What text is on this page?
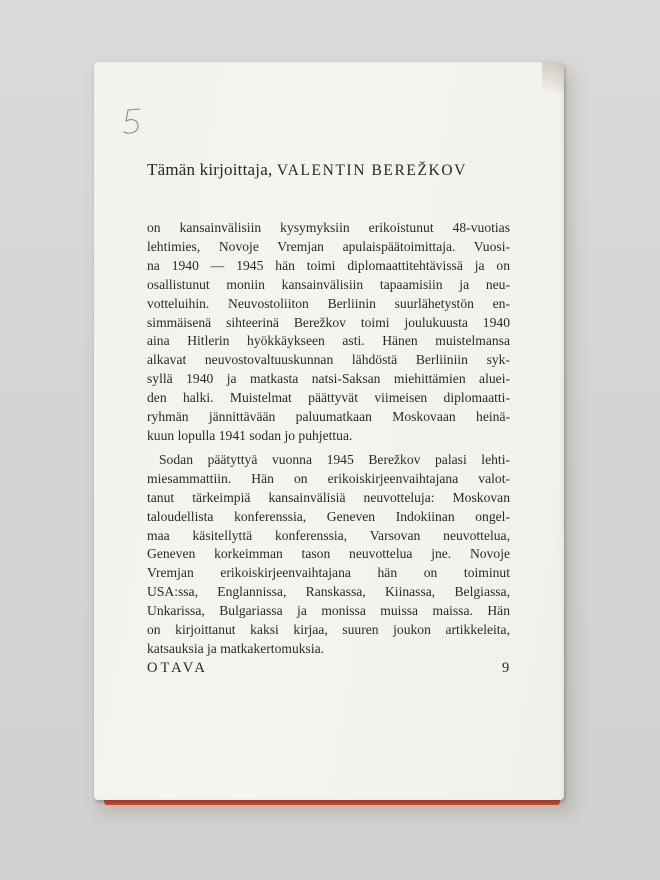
Tämän kirjoittaja, VALENTIN BEREŽKOV
on kansainvälisiin kysymyksiin erikoistunut 48-vuotias
lehtimies, Novoje Vremjan apulaispäätoimittaja. Vuosi-
na 1940 — 1945 hän toimi diplomaattitehtävissä ja on
osallistunut moniin kansainvälisiin tapaamisiin ja neu-
votteluihin. Neuvostoliiton Berliinin suurlähetystön en-
simmäisenä sihteerinä Berežkov toimi joulukuusta 1940
aina Hitlerin hyökkäykseen asti. Hänen muistelmansa
alkavat neuvostovaltuuskunnan lähdöstä Berliiniin syk-
syllä 1940 ja matkasta natsi-Saksan miehittämien aluei-
den halki. Muistelmat päättyvät viimeisen diplomaatti-
ryhmän jännittävään paluumatkaan Moskovaan heinä-
kuun lopulla 1941 sodan jo puhjettua.
Sodan päätyttyä vuonna 1945 Berežkov palasi lehti-
miesammattiin. Hän on erikoiskirjeenvaihtajana valot-
tanut tärkeimpiä kansainvälisiä neuvotteluja: Moskovan
taloudellista konferenssia, Geneven Indokiinan ongel-
maa käsitellyttä konferenssia, Varsovan neuvottelua,
Geneven korkeimman tason neuvottelua jne. Novoje
Vremjan erikoiskirjeenvaihtajana hän on toiminut
USA:ssa, Englannissa, Ranskassa, Kiinassa, Belgiassa,
Unkarissa, Bulgariassa ja monissa muissa maissa. Hän
on kirjoittanut kaksi kirjaa, suuren joukon artikkeleita,
katsauksia ja matkakertomuksia.
OTAVA	9
